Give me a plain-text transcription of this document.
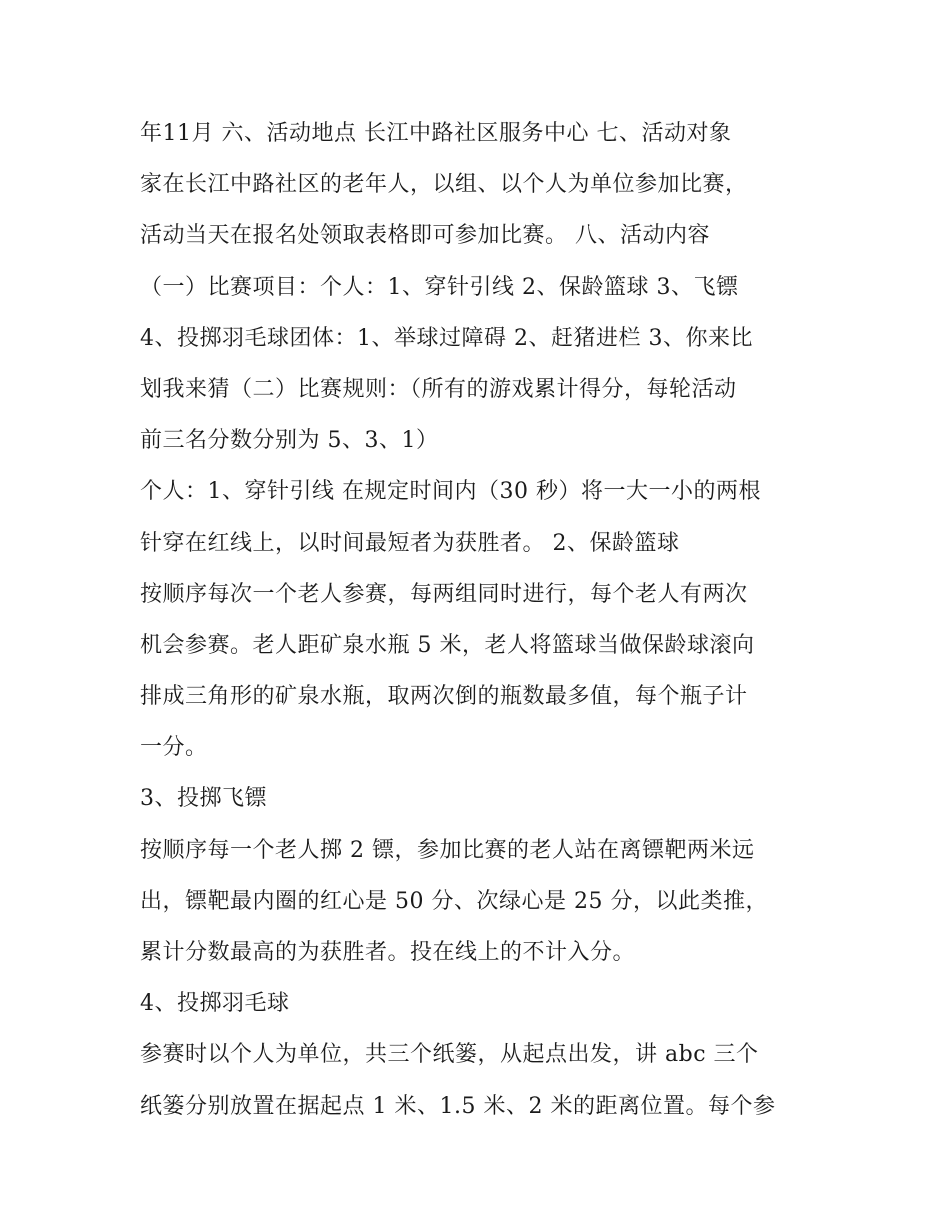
年11月 六、活动地点 长江中路社区服务中心 七、活动对象
家在长江中路社区的老年人，以组、以个人为单位参加比赛，
活动当天在报名处领取表格即可参加比赛。 八、活动内容
（一）比赛项目：个人：1、穿针引线 2、保龄篮球 3、飞镖
4、投掷羽毛球团体：1、举球过障碍 2、赶猪进栏 3、你来比
划我来猜（二）比赛规则：（所有的游戏累计得分，每轮活动
前三名分数分别为 5、3、1）
个人：1、穿针引线 在规定时间内（30 秒）将一大一小的两根
针穿在红线上，以时间最短者为获胜者。 2、保龄篮球
按顺序每次一个老人参赛，每两组同时进行，每个老人有两次
机会参赛。老人距矿泉水瓶 5 米，老人将篮球当做保龄球滚向
排成三角形的矿泉水瓶，取两次倒的瓶数最多值，每个瓶子计
一分。
3、投掷飞镖
按顺序每一个老人掷 2 镖，参加比赛的老人站在离镖靶两米远
出，镖靶最内圈的红心是 50 分、次绿心是 25 分，以此类推，
累计分数最高的为获胜者。投在线上的不计入分。
4、投掷羽毛球
参赛时以个人为单位，共三个纸篓，从起点出发，讲 abc 三个
纸篓分别放置在据起点 1 米、1.5 米、2 米的距离位置。每个参
